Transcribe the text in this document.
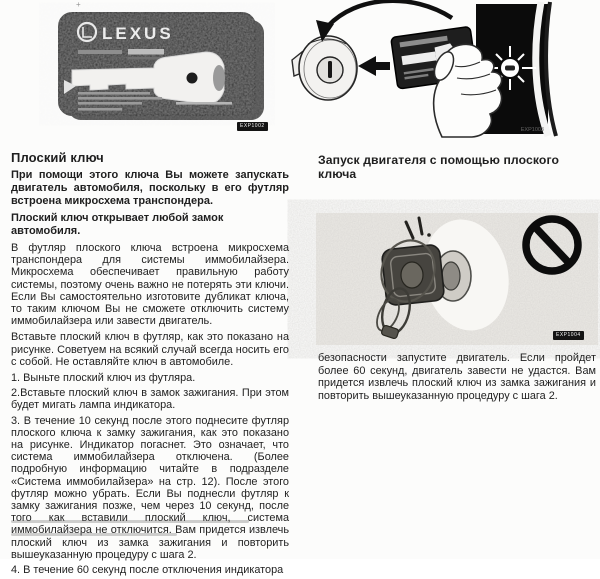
+
LEXUS
EXP1002
EXP1003
EXP1004
Плоский ключ

При помощи этого ключа Вы можете запускать двигатель автомобиля, поскольку в его футляр встроена микросхема транспондера.

Плоский ключ открывает любой замок автомобиля.

В футляр плоского ключа встроена микросхема транспондера для системы иммобилайзера. Микросхема обеспечивает правильную работу системы, поэтому очень важно не потерять эти ключи. Если Вы самостоятельно изготовите дубликат ключа, то таким ключом Вы не сможете отключить систему иммобилайзера или завести двигатель.

Вставьте плоский ключ в футляр, как это показано на рисунке. Советуем на всякий случай всегда носить его с собой. Не оставляйте ключ в автомобиле.

1. Выньте плоский ключ из футляра.

2.Вставьте плоский ключ в замок зажигания. При этом будет мигать лампа индикатора.

3. В течение 10 секунд после этого поднесите футляр плоского ключа к замку зажигания, как это показано на рисунке. Индикатор погаснет. Это означает, что система иммобилайзера отключена. (Более подробную информацию читайте в подразделе «Система иммобилайзера» на стр. 12). После этого футляр можно убрать. Если Вы поднесли футляр к замку зажигания позже, чем через 10 секунд, после того как вставили плоский ключ, система иммобилайзера не отключится. Вам придется извлечь плоский ключ из замка зажигания и повторить вышеуказанную процедуру с шага 2.

4. В течение 60 секунд после отключения индикатора

Запуск двигателя с помощью плоского ключа
безопасности запустите двигатель. Если пройдет более 60 секунд, двигатель завести не удастся. Вам придется извлечь плоский ключ из замка зажигания и повторить вышеуказанную процедуру с шага 2.
